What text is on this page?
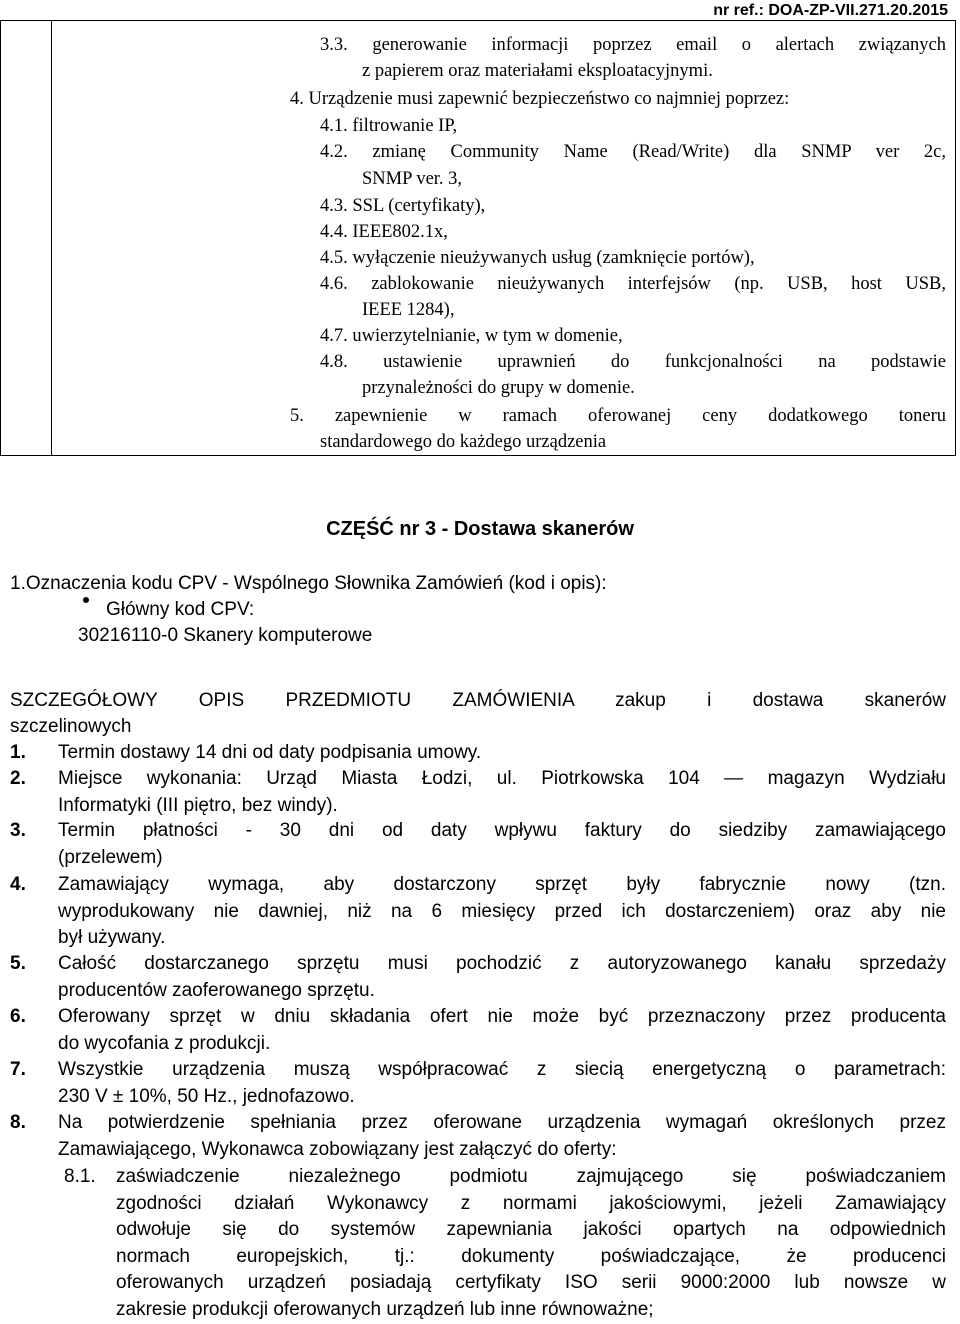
nr ref.: DOA-ZP-VII.271.20.2015
3.3. generowanie informacji poprzez email o alertach związanych
z papierem oraz materiałami eksploatacyjnymi.
4. Urządzenie musi zapewnić bezpieczeństwo co najmniej poprzez:
4.1. filtrowanie IP,
4.2. zmianę Community Name (Read/Write) dla SNMP ver 2c,
SNMP ver. 3,
4.3. SSL (certyfikaty),
4.4. IEEE802.1x,
4.5. wyłączenie nieużywanych usług (zamknięcie portów),
4.6. zablokowanie nieużywanych interfejsów (np. USB, host USB,
IEEE 1284),
4.7. uwierzytelnianie, w tym w domenie,
4.8. ustawienie uprawnień do funkcjonalności na podstawie
przynależności do grupy w domenie.
5. zapewnienie w ramach oferowanej ceny dodatkowego toneru
standardowego do każdego urządzenia
CZĘŚĆ nr 3 - Dostawa skanerów
1.Oznaczenia kodu CPV - Wspólnego Słownika Zamówień (kod i opis):
Główny kod CPV:
30216110-0 Skanery komputerowe
SZCZEGÓŁOWY OPIS PRZEDMIOTU ZAMÓWIENIA zakup i dostawa skanerów
szczelinowych
1. Termin dostawy 14 dni od daty podpisania umowy.
2. Miejsce wykonania: Urząd Miasta Łodzi, ul. Piotrkowska 104 — magazyn Wydziału
Informatyki (III piętro, bez windy).
3. Termin płatności - 30 dni od daty wpływu faktury do siedziby zamawiającego
(przelewem)
4. Zamawiający wymaga, aby dostarczony sprzęt były fabrycznie nowy (tzn.
wyprodukowany nie dawniej, niż na 6 miesięcy przed ich dostarczeniem) oraz aby nie
był używany.
5. Całość dostarczanego sprzętu musi pochodzić z autoryzowanego kanału sprzedaży
producentów zaoferowanego sprzętu.
6. Oferowany sprzęt w dniu składania ofert nie może być przeznaczony przez producenta
do wycofania z produkcji.
7. Wszystkie urządzenia muszą współpracować z siecią energetyczną o parametrach:
230 V ± 10%, 50 Hz., jednofazowo.
8. Na potwierdzenie spełniania przez oferowane urządzenia wymagań określonych przez
Zamawiającego, Wykonawca zobowiązany jest załączyć do oferty:
8.1. zaświadczenie niezależnego podmiotu zajmującego się poświadczaniem
zgodności działań Wykonawcy z normami jakościowymi, jeżeli Zamawiający
odwołuje się do systemów zapewniania jakości opartych na odpowiednich
normach europejskich, tj.: dokumenty poświadczające, że producenci
oferowanych urządzeń posiadają certyfikaty ISO serii 9000:2000 lub nowsze w
zakresie produkcji oferowanych urządzeń lub inne równoważne;
